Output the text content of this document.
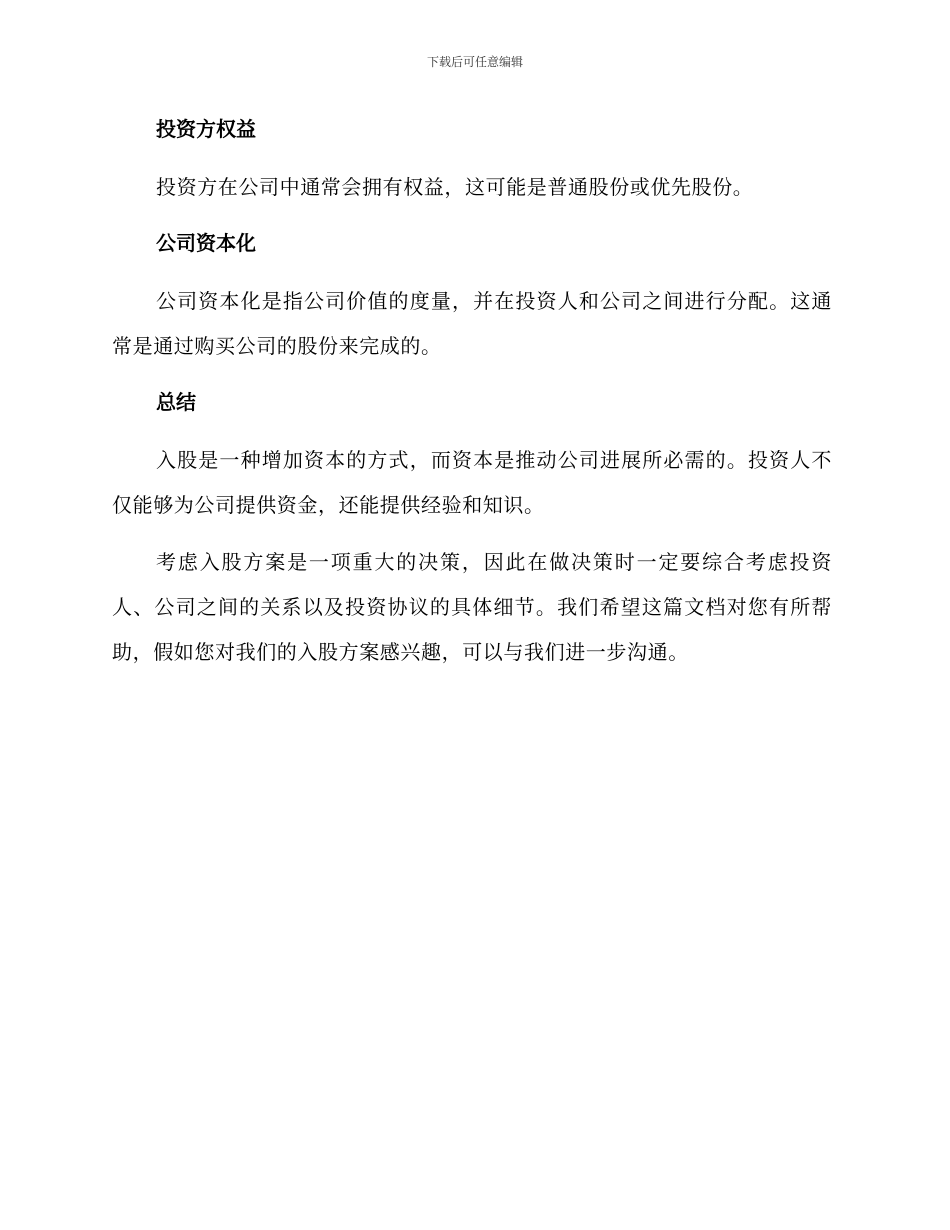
下载后可任意编辑
投资方权益

投资方在公司中通常会拥有权益，这可能是普通股份或优先股份。

公司资本化

公司资本化是指公司价值的度量，并在投资人和公司之间进行分配。这通常是通过购买公司的股份来完成的。

总结

入股是一种增加资本的方式，而资本是推动公司进展所必需的。投资人不仅能够为公司提供资金，还能提供经验和知识。

考虑入股方案是一项重大的决策，因此在做决策时一定要综合考虑投资人、公司之间的关系以及投资协议的具体细节。我们希望这篇文档对您有所帮助，假如您对我们的入股方案感兴趣，可以与我们进一步沟通。
